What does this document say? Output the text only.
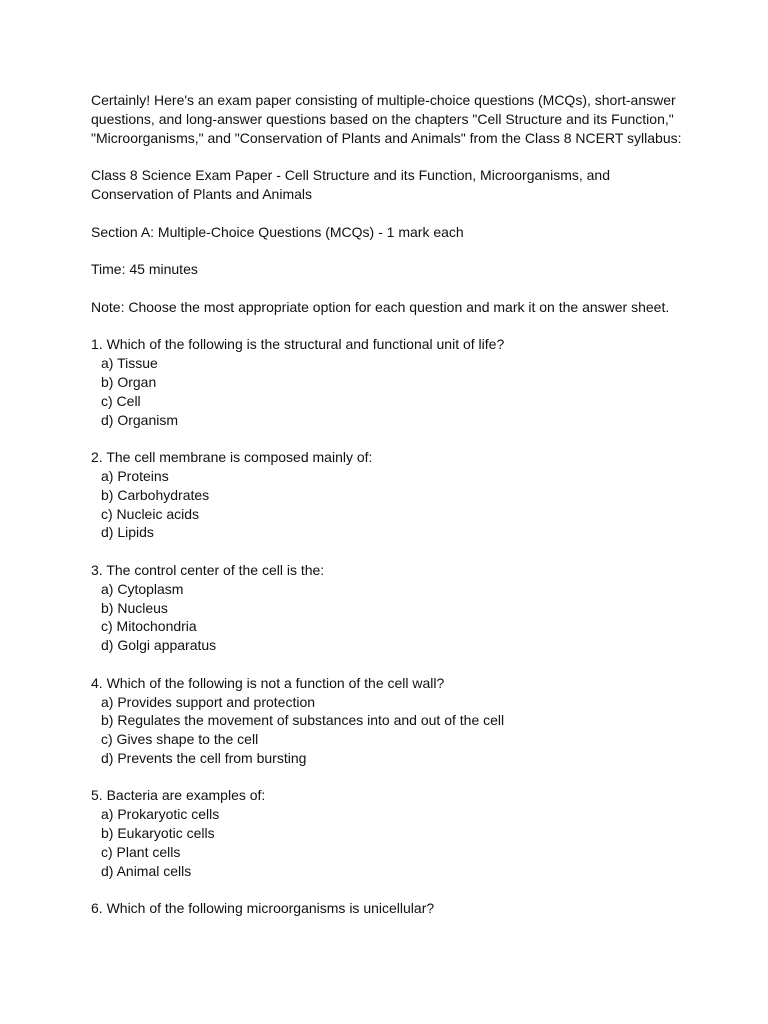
Certainly! Here's an exam paper consisting of multiple-choice questions (MCQs), short-answer questions, and long-answer questions based on the chapters "Cell Structure and its Function," "Microorganisms," and "Conservation of Plants and Animals" from the Class 8 NCERT syllabus:

Class 8 Science Exam Paper - Cell Structure and its Function, Microorganisms, and Conservation of Plants and Animals

Section A: Multiple-Choice Questions (MCQs) - 1 mark each

Time: 45 minutes

Note: Choose the most appropriate option for each question and mark it on the answer sheet.

1. Which of the following is the structural and functional unit of life?
a) Tissue
b) Organ
c) Cell
d) Organism
2. The cell membrane is composed mainly of:
a) Proteins
b) Carbohydrates
c) Nucleic acids
d) Lipids
3. The control center of the cell is the:
a) Cytoplasm
b) Nucleus
c) Mitochondria
d) Golgi apparatus
4. Which of the following is not a function of the cell wall?
a) Provides support and protection
b) Regulates the movement of substances into and out of the cell
c) Gives shape to the cell
d) Prevents the cell from bursting
5. Bacteria are examples of:
a) Prokaryotic cells
b) Eukaryotic cells
c) Plant cells
d) Animal cells
6. Which of the following microorganisms is unicellular?
